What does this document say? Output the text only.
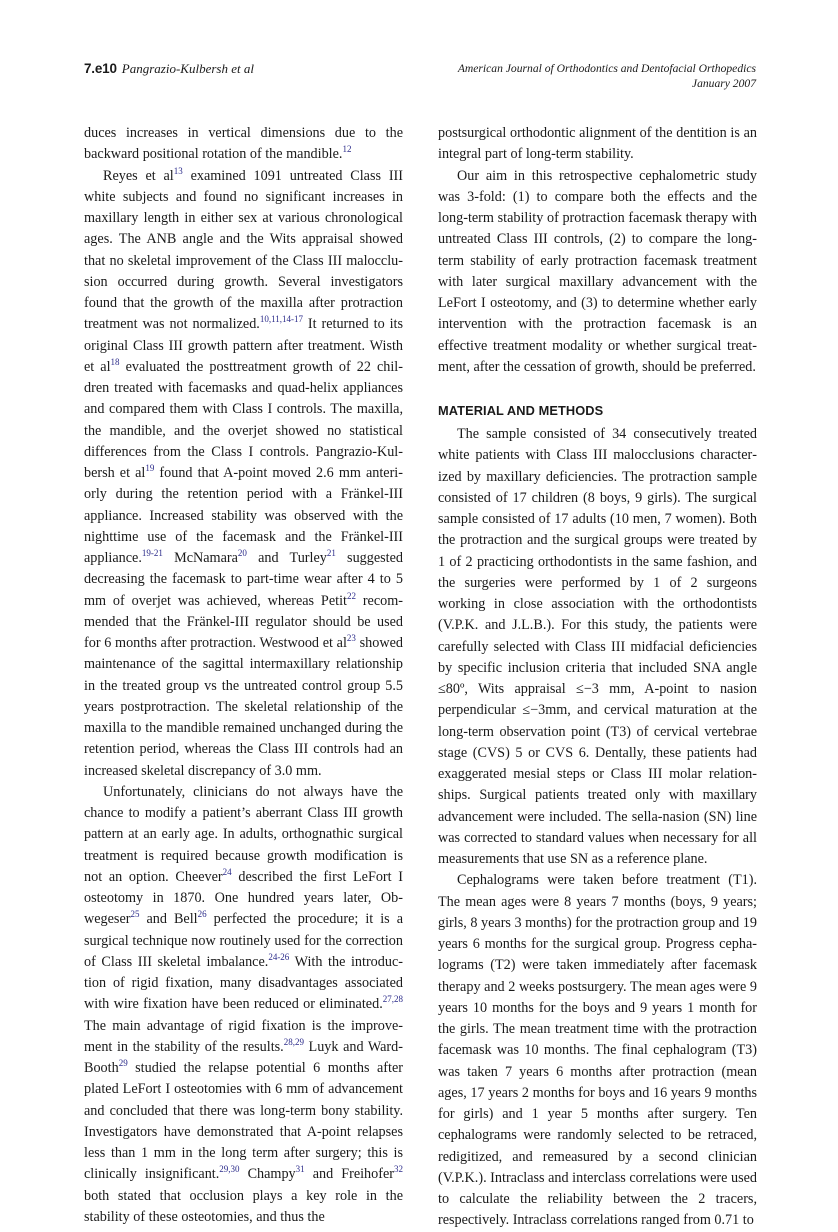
7.e10 Pangrazio-Kulbersh et al	American Journal of Orthodontics and Dentofacial Orthopedics
January 2007

duces increases in vertical dimensions due to the backward positional rotation of the mandible.$^{12}$

Reyes et $al^{13}$ examined 1091 untreated Class III white subjects and found no significant increases in maxillary length in either sex at various chronological ages. The ANB angle and the Wits appraisal showed that no skeletal improvement of the Class III malocclusion occurred during growth. Several investigators found that the growth of the maxilla after protraction treatment was not normalized.$^{10,11,14-17}$ It returned to its original Class III growth pattern after treatment. Wisth et $al^{18}$ evaluated the posttreatment growth of 22 children treated with facemasks and quad-helix appliances and compared them with Class I controls. The maxilla, the mandible, and the overjet showed no statistical differences from the Class I controls. Pangrazio-Kulbersh et $al^{19}$ found that A-point moved 2.6 mm anteriorly during the retention period with a Fränkel-III appliance. Increased stability was observed with the nighttime use of the facemask and the Fränkel-III appliance.$^{19-21}$ McNamara$^{20}$ and Turley$^{21}$ suggested decreasing the facemask to part-time wear after 4 to 5 mm of overjet was achieved, whereas Petit$^{22}$ recommended that the Fränkel-III regulator should be used for 6 months after protraction. Westwood et $al^{23}$ showed maintenance of the sagittal intermaxillary relationship in the treated group vs the untreated control group 5.5 years postprotraction. The skeletal relationship of the maxilla to the mandible remained unchanged during the retention period, whereas the Class III controls had an increased skeletal discrepancy of 3.0 mm.

Unfortunately, clinicians do not always have the chance to modify a patient’s aberrant Class III growth pattern at an early age. In adults, orthognathic surgical treatment is required because growth modification is not an option. Cheever$^{24}$ described the first LeFort I osteotomy in 1870. One hundred years later, Obwegeser$^{25}$ and Bell$^{26}$ perfected the procedure; it is a surgical technique now routinely used for the correction of Class III skeletal imbalance.$^{24-26}$ With the introduction of rigid fixation, many disadvantages associated with wire fixation have been reduced or eliminated.$^{27,28}$ The main advantage of rigid fixation is the improvement in the stability of the results.$^{28,29}$ Luyk and Ward-Booth$^{29}$ studied the relapse potential 6 months after plated LeFort I osteotomies with 6 mm of advancement and concluded that there was long-term bony stability. Investigators have demonstrated that A-point relapses less than 1 mm in the long term after surgery; this is clinically insignificant.$^{29,30}$ Champy$^{31}$ and Freihofer$^{32}$ both stated that occlusion plays a key role in the stability of these osteotomies, and thus the

postsurgical orthodontic alignment of the dentition is an integral part of long-term stability.

Our aim in this retrospective cephalometric study was 3-fold: (1) to compare both the effects and the long-term stability of protraction facemask therapy with untreated Class III controls, (2) to compare the long-term stability of early protraction facemask treatment with later surgical maxillary advancement with the LeFort I osteotomy, and (3) to determine whether early intervention with the protraction facemask is an effective treatment modality or whether surgical treatment, after the cessation of growth, should be preferred.

MATERIAL AND METHODS

The sample consisted of 34 consecutively treated white patients with Class III malocclusions characterized by maxillary deficiencies. The protraction sample consisted of 17 children (8 boys, 9 girls). The surgical sample consisted of 17 adults (10 men, 7 women). Both the protraction and the surgical groups were treated by 1 of 2 practicing orthodontists in the same fashion, and the surgeries were performed by 1 of 2 surgeons working in close association with the orthodontists (V.P.K. and J.L.B.). For this study, the patients were carefully selected with Class III midfacial deficiencies by specific inclusion criteria that included SNA angle ≤80º, Wits appraisal ≤−3 mm, A-point to nasion perpendicular ≤−3mm, and cervical maturation at the long-term observation point (T3) of cervical vertebrae stage (CVS) 5 or CVS 6. Dentally, these patients had exaggerated mesial steps or Class III molar relationships. Surgical patients treated only with maxillary advancement were included. The sella-nasion (SN) line was corrected to standard values when necessary for all measurements that use SN as a reference plane.

Cephalograms were taken before treatment (T1). The mean ages were 8 years 7 months (boys, 9 years; girls, 8 years 3 months) for the protraction group and 19 years 6 months for the surgical group. Progress cephalograms (T2) were taken immediately after facemask therapy and 2 weeks postsurgery. The mean ages were 9 years 10 months for the boys and 9 years 1 month for the girls. The mean treatment time with the protraction facemask was 10 months. The final cephalogram (T3) was taken 7 years 6 months after protraction (mean ages, 17 years 2 months for boys and 16 years 9 months for girls) and 1 year 5 months after surgery. Ten cephalograms were randomly selected to be retraced, redigitized, and remeasured by a second clinician (V.P.K.). Intraclass and interclass correlations were used to calculate the reliability between the 2 tracers, respectively. Intraclass correlations ranged from 0.71 to
